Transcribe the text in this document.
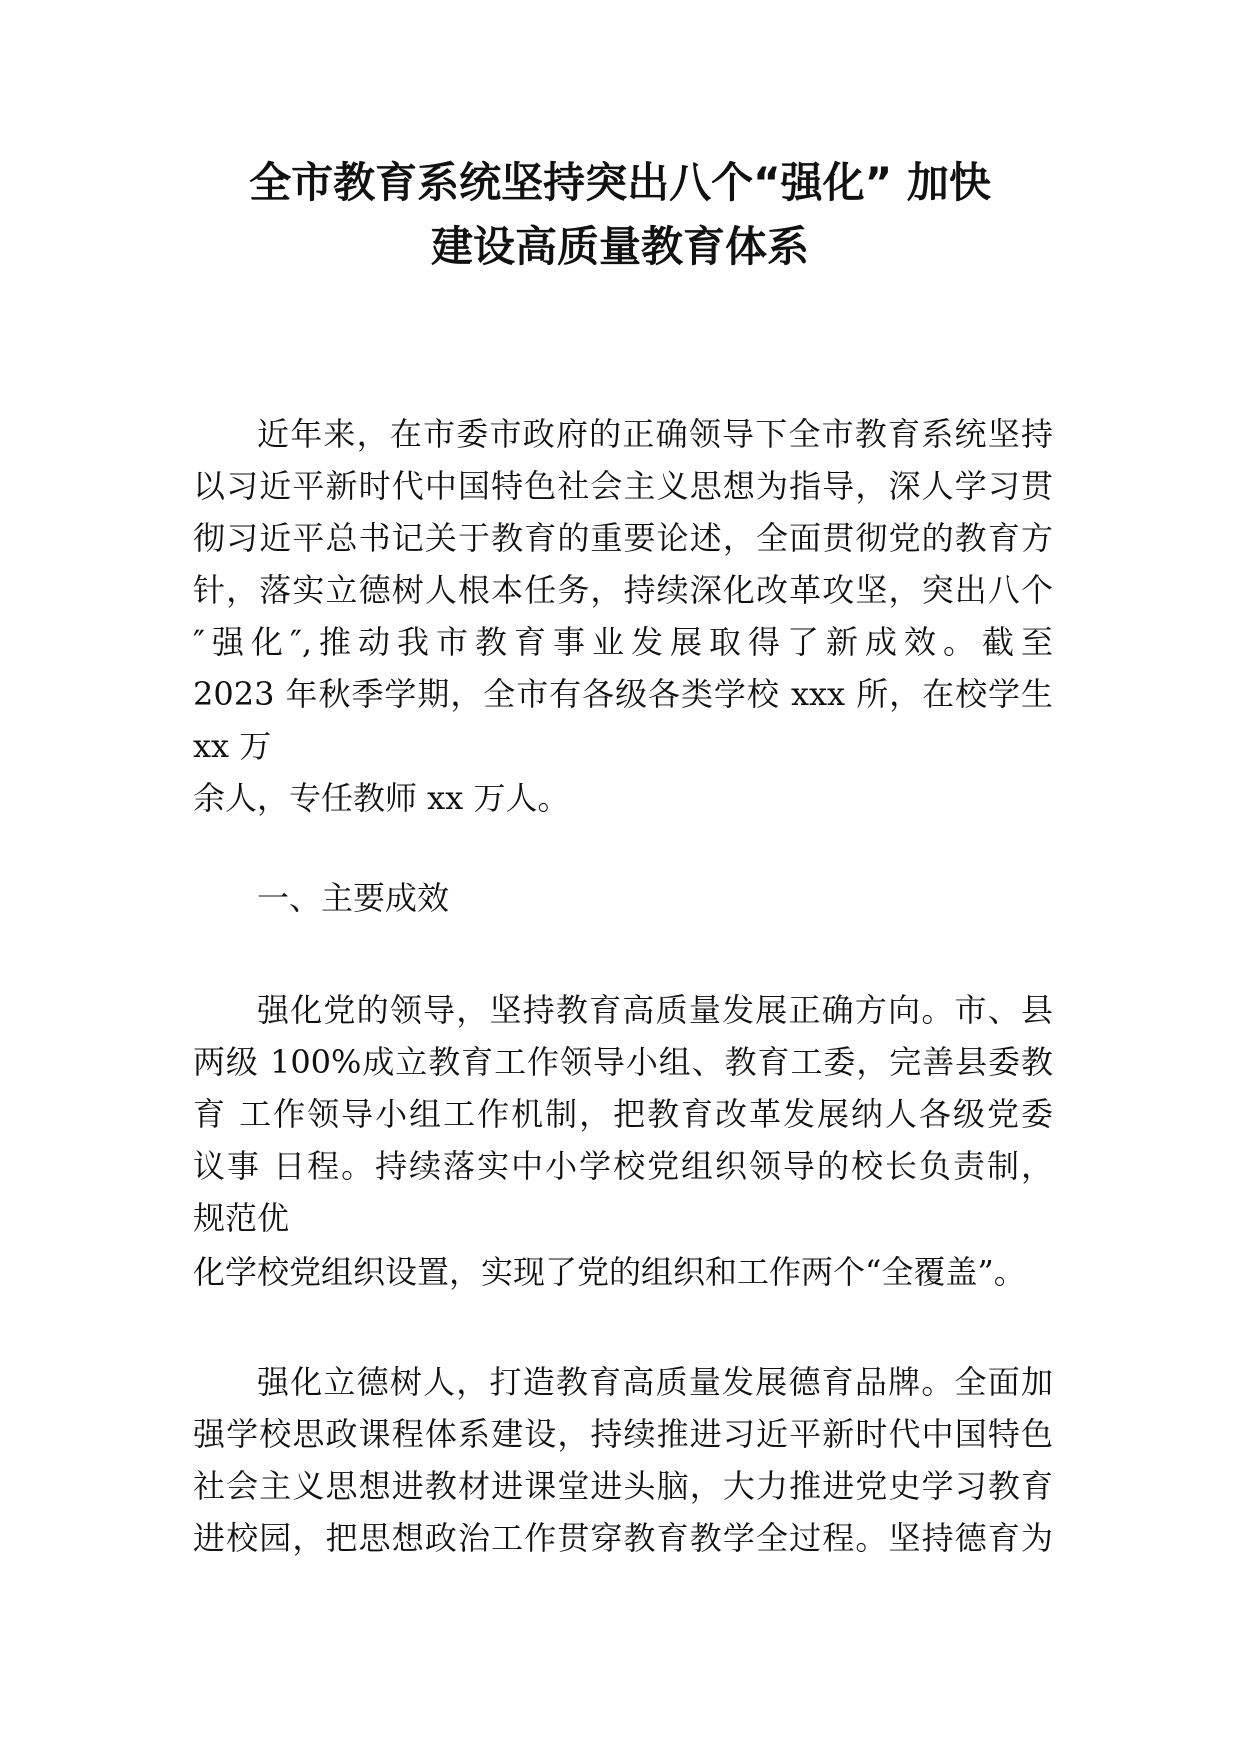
全市教育系统坚持突出八个“强化” 加快
建设高质量教育体系

近年来，在市委市政府的正确领导下全市教育系统坚持

以习近平新时代中国特色社会主义思想为指导，深人学习贯

彻习近平总书记关于教育的重要论述，全面贯彻党的教育方

针，落实立德树人根本任务，持续深化改革攻坚，突出八个

″强化″,推动我市教育事业发展取得了新成效。截至

2023 年秋季学期，全市有各级各类学校 xxx 所，在校学生

xx 万

余人，专任教师 xx 万人。

一、主要成效

强化党的领导，坚持教育高质量发展正确方向。市、县

两级 100%成立教育工作领导小组、教育工委，完善县委教

育 工作领导小组工作机制，把教育改革发展纳人各级党委

议事 日程。持续落实中小学校党组织领导的校长负责制，

规范优

化学校党组织设置，实现了党的组织和工作两个“全覆盖”。

强化立德树人，打造教育高质量发展德育品牌。全面加

强学校思政课程体系建设，持续推进习近平新时代中国特色

社会主义思想进教材进课堂进头脑，大力推进党史学习教育

进校园，把思想政治工作贯穿教育教学全过程。坚持德育为
